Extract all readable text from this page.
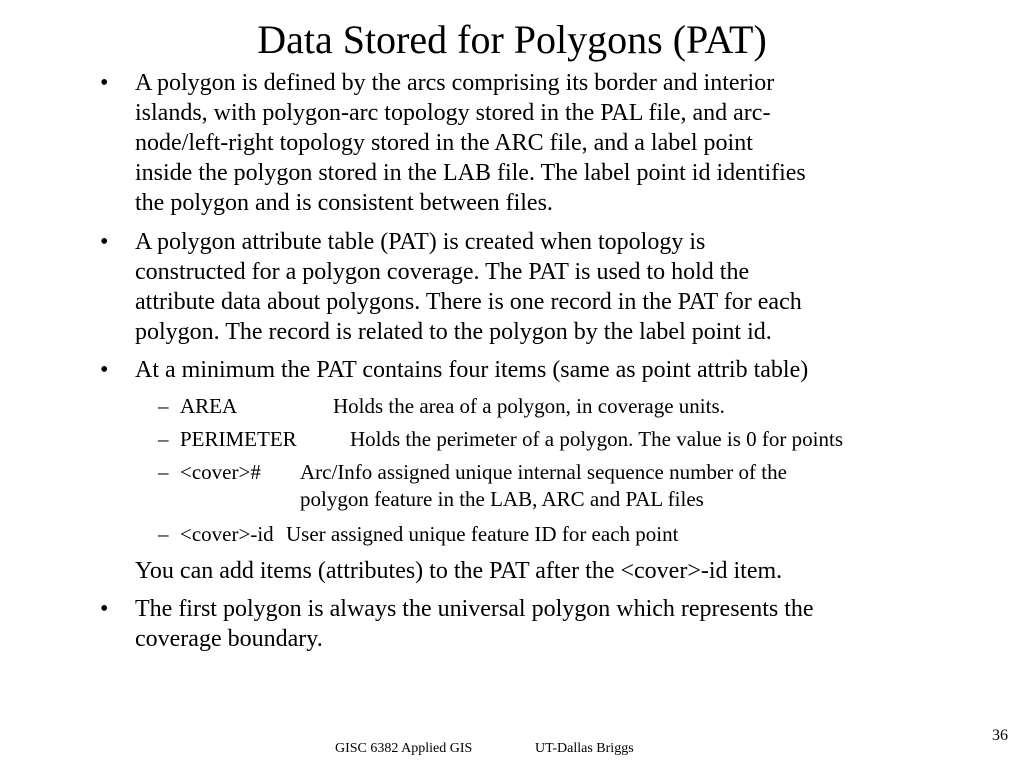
Data Stored for Polygons (PAT)
• A polygon is defined by the arcs comprising its border and interior
islands, with polygon-arc topology stored in the PAL file, and arc-
node/left-right topology stored in the ARC file, and a label point
inside the polygon stored in the LAB file. The label point id identifies
the polygon and is consistent between files.
• A polygon attribute table (PAT) is created when topology is
constructed for a polygon coverage. The PAT is used to hold the
attribute data about polygons. There is one record in the PAT for each
polygon. The record is related to the polygon by the label point id.
• At a minimum the PAT contains four items (same as point attrib table)
– AREA	Holds the area of a polygon, in coverage units.
– PERIMETER	Holds the perimeter of a polygon. The value is 0 for points
– <cover># Arc/Info assigned unique internal sequence number of the
polygon feature in the LAB, ARC and PAL files
– <cover>-id User assigned unique feature ID for each point
You can add items (attributes) to the PAT after the <cover>-id item.
• The first polygon is always the universal polygon which represents the
coverage boundary.
GISC 6382 Applied GIS	UT-Dallas Briggs
36
